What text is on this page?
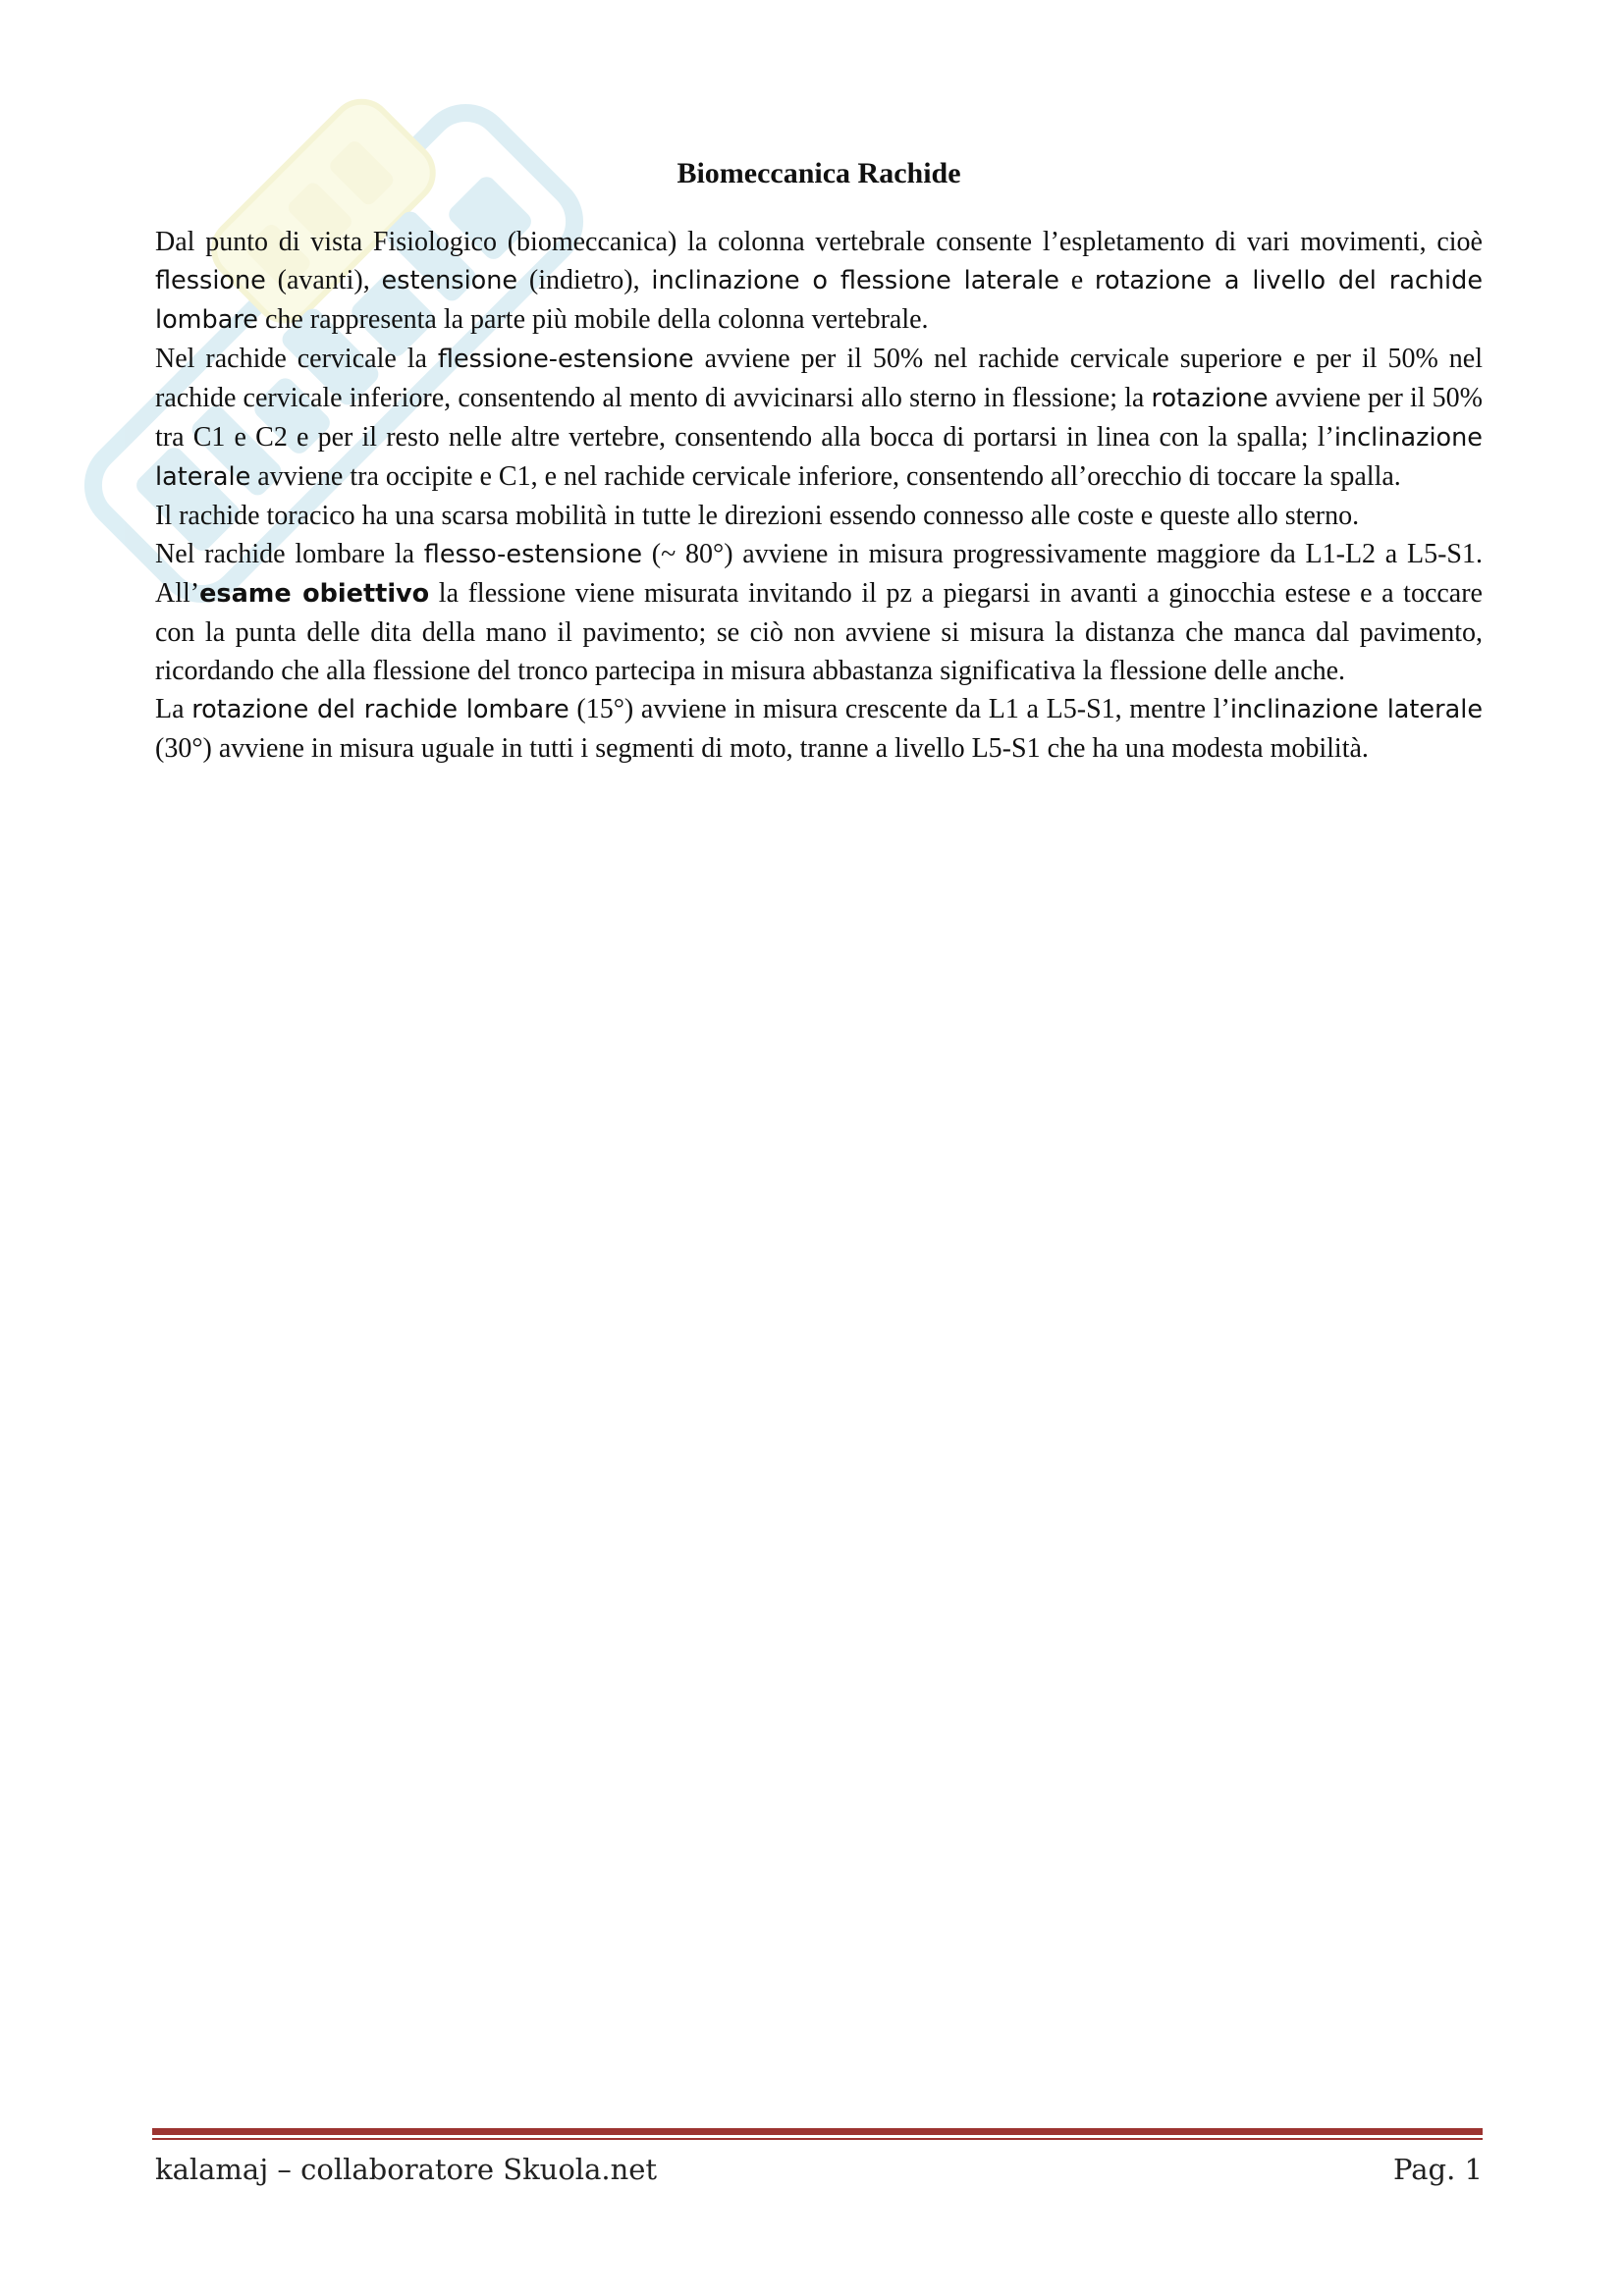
Biomeccanica Rachide

Dal punto di vista Fisiologico (biomeccanica) la colonna vertebrale consente l’espletamento di vari movimenti, cioè flessione (avanti), estensione (indietro), inclinazione o flessione laterale e rotazione a livello del rachide lombare che rappresenta la parte più mobile della colonna vertebrale.

Nel rachide cervicale la flessione-estensione avviene per il 50% nel rachide cervicale superiore e per il 50% nel rachide cervicale inferiore, consentendo al mento di avvicinarsi allo sterno in flessione; la rotazione avviene per il 50% tra C1 e C2 e per il resto nelle altre vertebre, consentendo alla bocca di portarsi in linea con la spalla; l’inclinazione laterale avviene tra occipite e C1, e nel rachide cervicale inferiore, consentendo all’orecchio di toccare la spalla.

Il rachide toracico ha una scarsa mobilità in tutte le direzioni essendo connesso alle coste e queste allo sterno.

Nel rachide lombare la flesso-estensione (~ 80°) avviene in misura progressivamente maggiore da L1-L2 a L5-S1. All’esame obiettivo la flessione viene misurata invitando il pz a piegarsi in avanti a ginocchia estese e a toccare con la punta delle dita della mano il pavimento; se ciò non avviene si misura la distanza che manca dal pavimento, ricordando che alla flessione del tronco partecipa in misura abbastanza significativa la flessione delle anche.

La rotazione del rachide lombare (15°) avviene in misura crescente da L1 a L5-S1, mentre l’inclinazione laterale (30°) avviene in misura uguale in tutti i segmenti di moto, tranne a livello L5-S1 che ha una modesta mobilità.

kalamaj – collaboratore Skuola.net	Pag. 1
